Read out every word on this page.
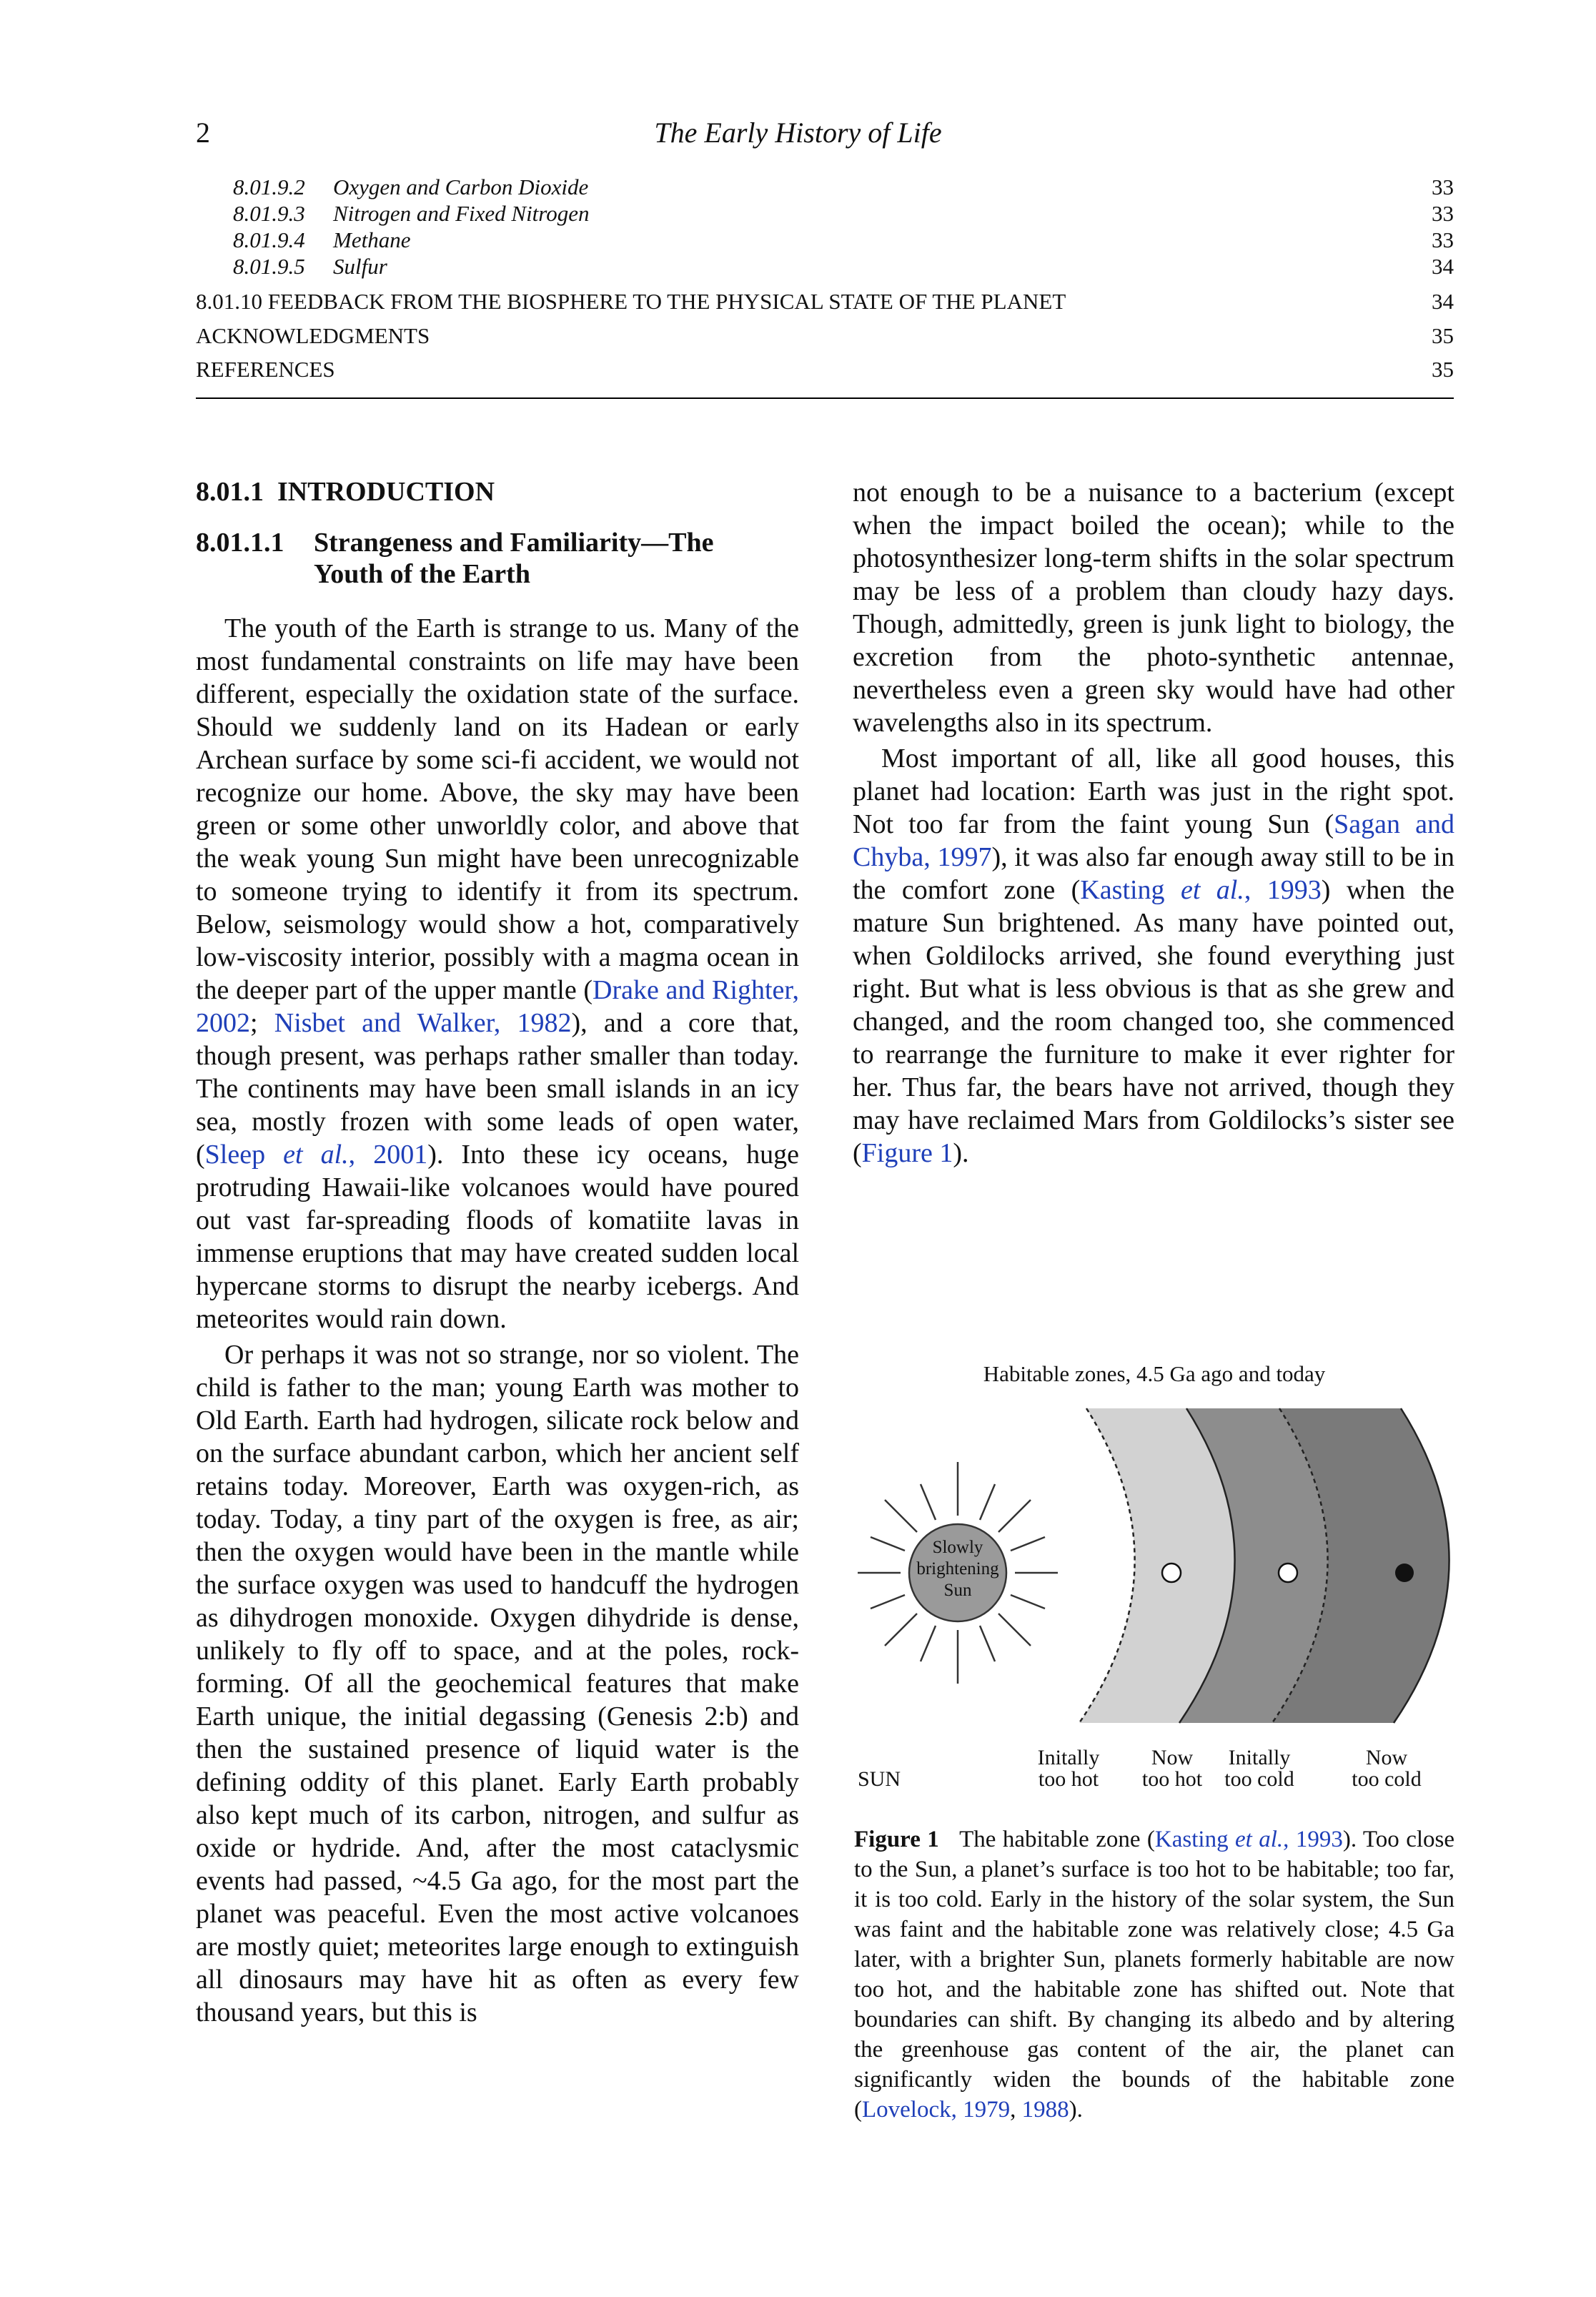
2	The Early History of Life
8.01.9.2 Oxygen and Carbon Dioxide	33
8.01.9.3 Nitrogen and Fixed Nitrogen	33
8.01.9.4 Methane	33
8.01.9.5 Sulfur	34
8.01.10 FEEDBACK FROM THE BIOSPHERE TO THE PHYSICAL STATE OF THE PLANET	34
ACKNOWLEDGMENTS	35
REFERENCES	35
8.01.1 INTRODUCTION
8.01.1.1 Strangeness and Familiarity—The
Youth of the Earth

The youth of the Earth is strange to us. Many of the most fundamental constraints on life may have been different, especially the oxidation state of the surface. Should we suddenly land on its Hadean or early Archean surface by some sci-fi accident, we would not recognize our home. Above, the sky may have been green or some other unworldly color, and above that the weak young Sun might have been unrecognizable to someone trying to identify it from its spectrum. Below, seismology would show a hot, comparatively low-viscosity interior, possibly with a magma ocean in the deeper part of the upper mantle (Drake and Righter, 2002; Nisbet and Walker, 1982), and a core that, though present, was perhaps rather smaller than today. The continents may have been small islands in an icy sea, mostly frozen with some leads of open water, (Sleep et al., 2001). Into these icy oceans, huge protruding Hawaii-like volcanoes would have poured out vast far-spreading floods of komatiite lavas in immense eruptions that may have created sudden local hypercane storms to disrupt the nearby icebergs. And meteorites would rain down.

Or perhaps it was not so strange, nor so violent. The child is father to the man; young Earth was mother to Old Earth. Earth had hydrogen, silicate rock below and on the surface abundant carbon, which her ancient self retains today. Moreover, Earth was oxygen-rich, as today. Today, a tiny part of the oxygen is free, as air; then the oxygen would have been in the mantle while the surface oxygen was used to handcuff the hydrogen as dihydrogen monoxide. Oxygen dihydride is dense, unlikely to fly off to space, and at the poles, rock-forming. Of all the geochemical features that make Earth unique, the initial degassing (Genesis 2:b) and then the sustained presence of liquid water is the defining oddity of this planet. Early Earth probably also kept much of its carbon, nitrogen, and sulfur as oxide or hydride. And, after the most cataclysmic events had passed, ~4.5 Ga ago, for the most part the planet was peaceful. Even the most active volcanoes are mostly quiet; meteorites large enough to extinguish all dinosaurs may have hit as often as every few thousand years, but this is

not enough to be a nuisance to a bacterium (except when the impact boiled the ocean); while to the photosynthesizer long-term shifts in the solar spectrum may be less of a problem than cloudy hazy days. Though, admittedly, green is junk light to biology, the excretion from the photo-synthetic antennae, nevertheless even a green sky would have had other wavelengths also in its spectrum.

Most important of all, like all good houses, this planet had location: Earth was just in the right spot. Not too far from the faint young Sun (Sagan and Chyba, 1997), it was also far enough away still to be in the comfort zone (Kasting et al., 1993) when the mature Sun brightened. As many have pointed out, when Goldilocks arrived, she found everything just right. But what is less obvious is that as she grew and changed, and the room changed too, she commenced to rearrange the furniture to make it ever righter for her. Thus far, the bears have not arrived, though they may have reclaimed Mars from Goldilocks’s sister see (Figure 1).

Habitable zones, 4.5 Ga ago and today
Slowly
brightening
Sun
SUN
Initally
too hot
Now
too hot
Initally
too cold
Now
too cold
Figure 1 The habitable zone (Kasting et al., 1993). Too close to the Sun, a planet’s surface is too hot to be habitable; too far, it is too cold. Early in the history of the solar system, the Sun was faint and the habitable zone was relatively close; 4.5 Ga later, with a brighter Sun, planets formerly habitable are now too hot, and the habitable zone has shifted out. Note that boundaries can shift. By changing its albedo and by altering the greenhouse gas content of the air, the planet can significantly widen the bounds of the habitable zone (Lovelock, 1979, 1988).
